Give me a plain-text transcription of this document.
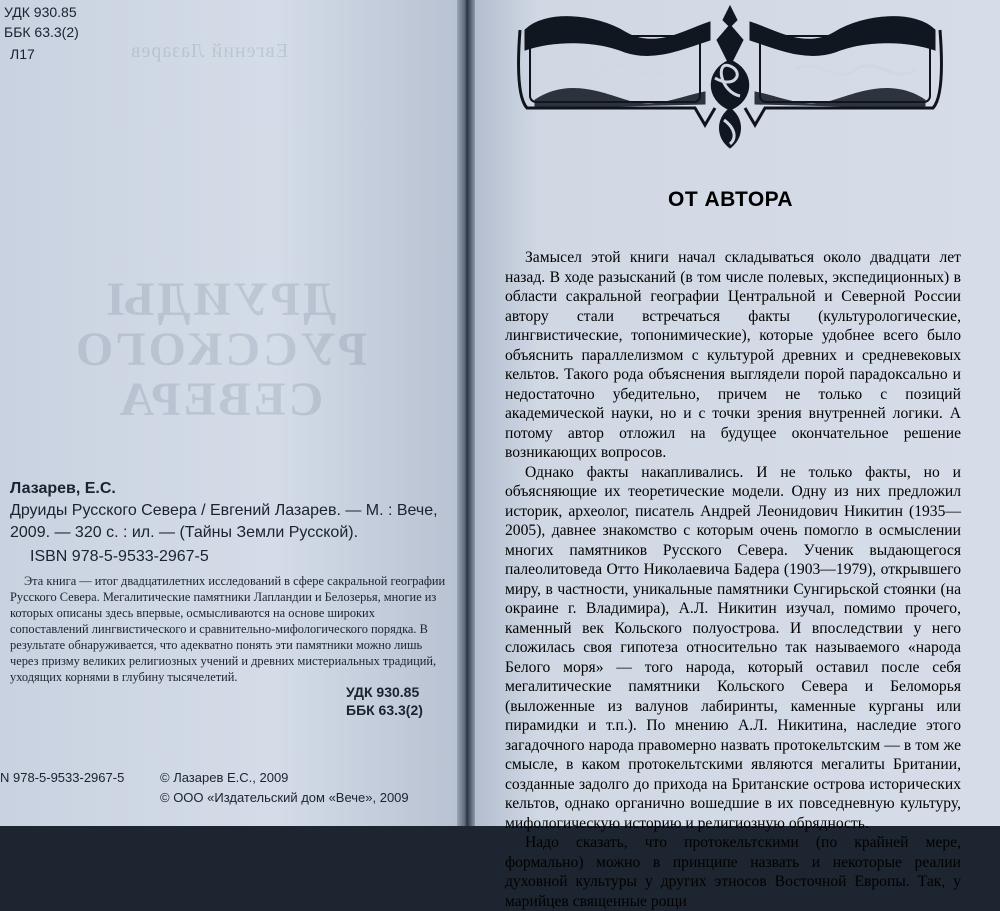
УДК 930.85
ББК 63.3(2)
Л17	Евгений Лазарев
ДРУИДЫ РУССКОГО СЕВЕРА
Лазарев, Е.С.
Друиды Русского Севера / Евгений Лазарев. — М. : Вече, 2009. — 320 с. : ил. — (Тайны Земли Русской).
ISBN 978-5-9533-2967-5
Эта книга — итог двадцатилетних исследований в сфере сакральной географии Русского Севера. Мегалитические памятники Лапландии и Белозерья, многие из которых описаны здесь впервые, осмысливаются на основе широких сопоставлений лингвистического и сравнительно-мифологического порядка. В результате обнаруживается, что адекватно понять эти памятники можно лишь через призму великих религиозных учений и древних мистериальных традиций, уходящих корнями в глубину тысячелетий.
УДК 930.85
ББК 63.3(2)
N 978-5-9533-2967-5	© Лазарев Е.С., 2009
© ООО «Издательский дом «Вече», 2009
ОТ АВТОРА

Замысел этой книги начал складываться около двадцати лет назад. В ходе разысканий (в том числе полевых, экспедиционных) в области сакральной географии Центральной и Северной России автору стали встречаться факты (культурологические, лингвистические, топонимические), которые удобнее всего было объяснить параллелизмом с культурой древних и средневековых кельтов. Такого рода объяснения выглядели порой парадоксально и недостаточно убедительно, причем не только с позиций академической науки, но и с точки зрения внутренней логики. А потому автор отложил на будущее окончательное решение возникающих вопросов.

Однако факты накапливались. И не только факты, но и объясняющие их теоретические модели. Одну из них предложил историк, археолог, писатель Андрей Леонидович Никитин (1935—2005), давнее знакомство с которым очень помогло в осмыслении многих памятников Русского Севера. Ученик выдающегося палеолитоведа Отто Николаевича Бадера (1903—1979), открывшего миру, в частности, уникальные памятники Сунгирьской стоянки (на окраине г. Владимира), А.Л. Никитин изучал, помимо прочего, каменный век Кольского полуострова. И впоследствии у него сложилась своя гипотеза относительно так называемого «народа Белого моря» — того народа, который оставил после себя мегалитические памятники Кольского Севера и Беломорья (выложенные из валунов лабиринты, каменные курганы или пирамидки и т.п.). По мнению А.Л. Никитина, наследие этого загадочного народа правомерно назвать протокельтским — в том же смысле, в каком протокельтскими являются мегалиты Британии, созданные задолго до прихода на Британские острова исторических кельтов, однако органично вошедшие в их повседневную культуру, мифологическую историю и религиозную обрядность.

Надо сказать, что протокельтскими (по крайней мере, формально) можно в принципе назвать и некоторые реалии духовной культуры у других этносов Восточной Европы. Так, у марийцев священные рощи
